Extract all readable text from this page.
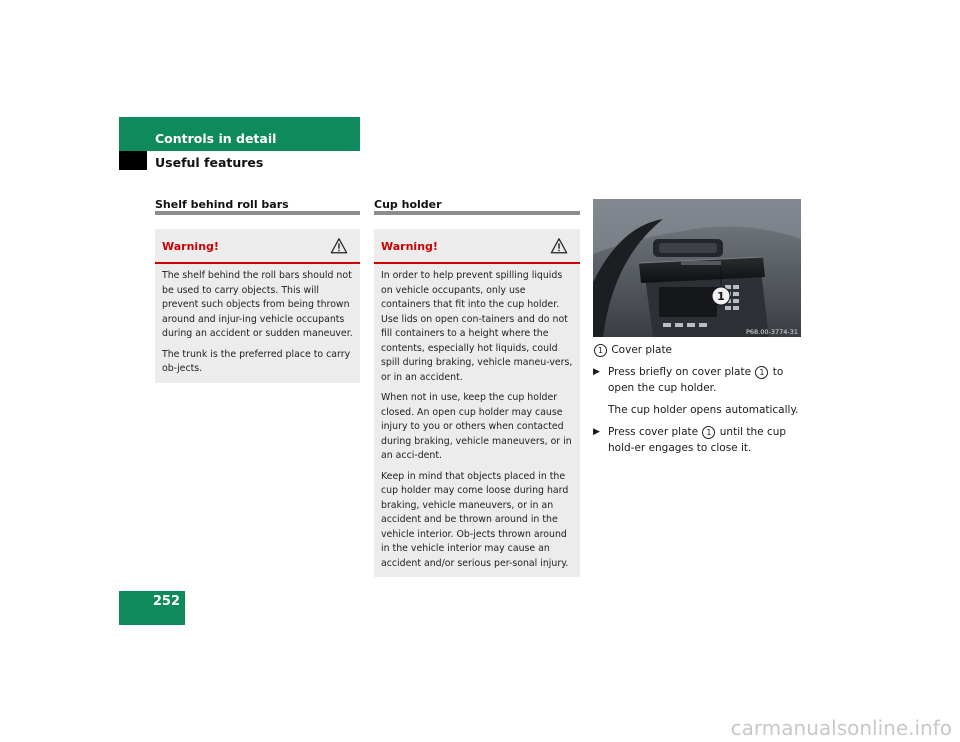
Controls in detail
Useful features
Shelf behind roll bars
Warning!

The shelf behind the roll bars should not be used to carry objects. This will prevent such objects from being thrown around and injur-ing vehicle occupants during an accident or sudden maneuver.

The trunk is the preferred place to carry ob-jects.

Cup holder
Warning!

In order to help prevent spilling liquids on vehicle occupants, only use containers that fit into the cup holder. Use lids on open con-tainers and do not fill containers to a height where the contents, especially hot liquids, could spill during braking, vehicle maneu-vers, or in an accident.

When not in use, keep the cup holder closed. An open cup holder may cause injury to you or others when contacted during braking, vehicle maneuvers, or in an acci-dent.

Keep in mind that objects placed in the cup holder may come loose during hard braking, vehicle maneuvers, or in an accident and be thrown around in the vehicle interior. Ob-jects thrown around in the vehicle interior may cause an accident and/or serious per-sonal injury.

1
P68.00-3774-31
1 Cover plate
▶ Press briefly on cover plate 1 to open the cup holder.
The cup holder opens automatically.
▶ Press cover plate 1 until the cup hold-er engages to close it.
252
carmanualsonline.info
